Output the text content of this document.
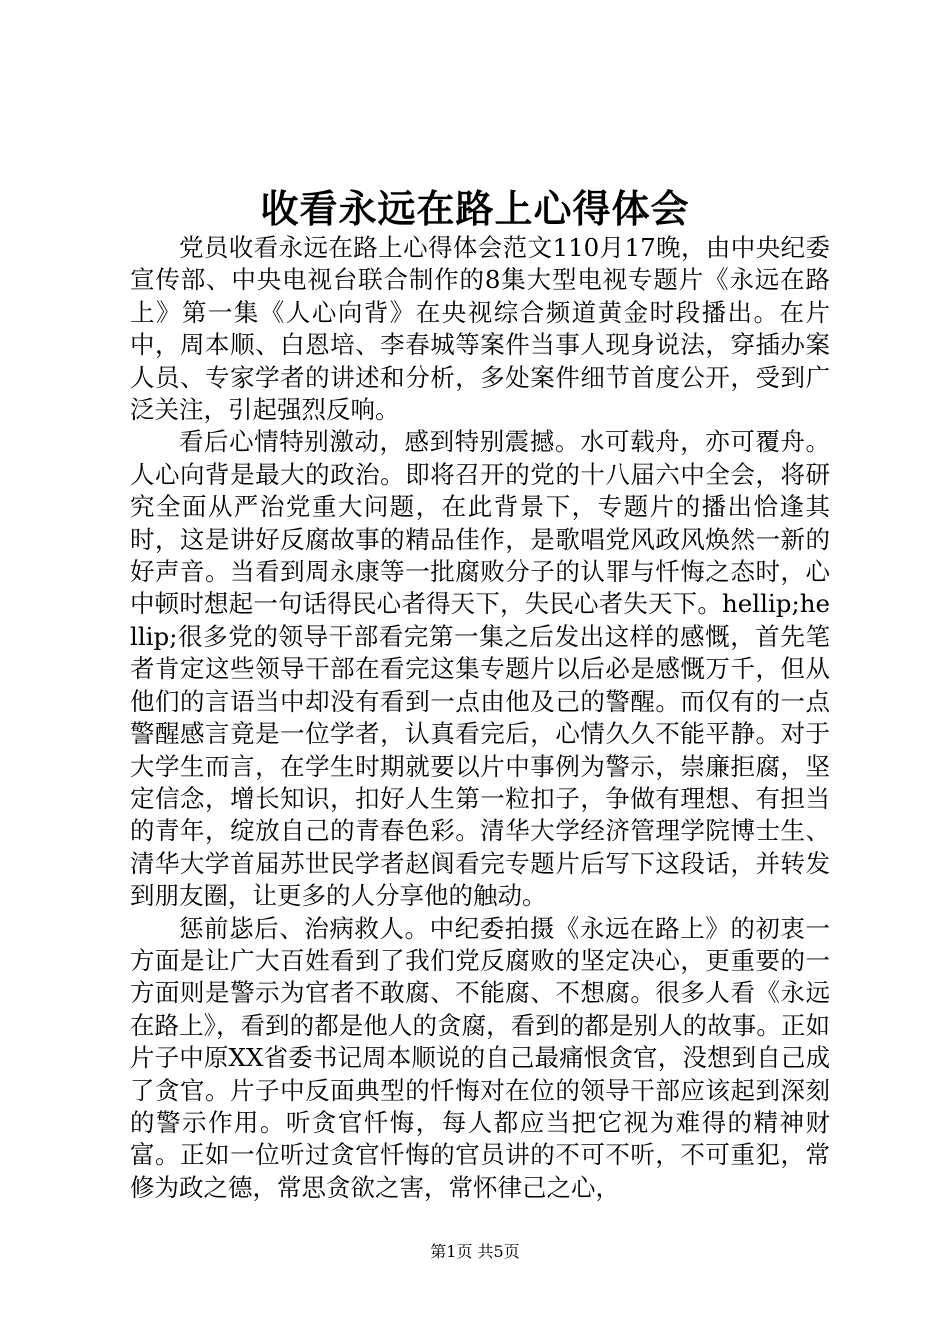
收看永远在路上心得体会

党员收看永远在路上心得体会范文110月17晚，由中央纪委宣传部、中央电视台联合制作的8集大型电视专题片《永远在路上》第一集《人心向背》在央视综合频道黄金时段播出。在片中，周本顺、白恩培、李春城等案件当事人现身说法，穿插办案人员、专家学者的讲述和分析，多处案件细节首度公开，受到广泛关注，引起强烈反响。

看后心情特别激动，感到特别震撼。水可载舟，亦可覆舟。人心向背是最大的政治。即将召开的党的十八届六中全会，将研究全面从严治党重大问题，在此背景下，专题片的播出恰逢其时，这是讲好反腐故事的精品佳作，是歌唱党风政风焕然一新的好声音。当看到周永康等一批腐败分子的认罪与忏悔之态时，心中顿时想起一句话得民心者得天下，失民心者失天下。hellip;hellip;很多党的领导干部看完第一集之后发出这样的感慨，首先笔者肯定这些领导干部在看完这集专题片以后必是感慨万千，但从他们的言语当中却没有看到一点由他及己的警醒。而仅有的一点警醒感言竟是一位学者，认真看完后，心情久久不能平静。对于大学生而言，在学生时期就要以片中事例为警示，崇廉拒腐，坚定信念，增长知识，扣好人生第一粒扣子，争做有理想、有担当的青年，绽放自己的青春色彩。清华大学经济管理学院博士生、清华大学首届苏世民学者赵阆看完专题片后写下这段话，并转发到朋友圈，让更多的人分享他的触动。

惩前毖后、治病救人。中纪委拍摄《永远在路上》的初衷一方面是让广大百姓看到了我们党反腐败的坚定决心，更重要的一方面则是警示为官者不敢腐、不能腐、不想腐。很多人看《永远在路上》，看到的都是他人的贪腐，看到的都是别人的故事。正如片子中原XX省委书记周本顺说的自己最痛恨贪官，没想到自己成了贪官。片子中反面典型的忏悔对在位的领导干部应该起到深刻的警示作用。听贪官忏悔，每人都应当把它视为难得的精神财富。正如一位听过贪官忏悔的官员讲的不可不听，不可重犯，常修为政之德，常思贪欲之害，常怀律己之心，

第1页 共5页
